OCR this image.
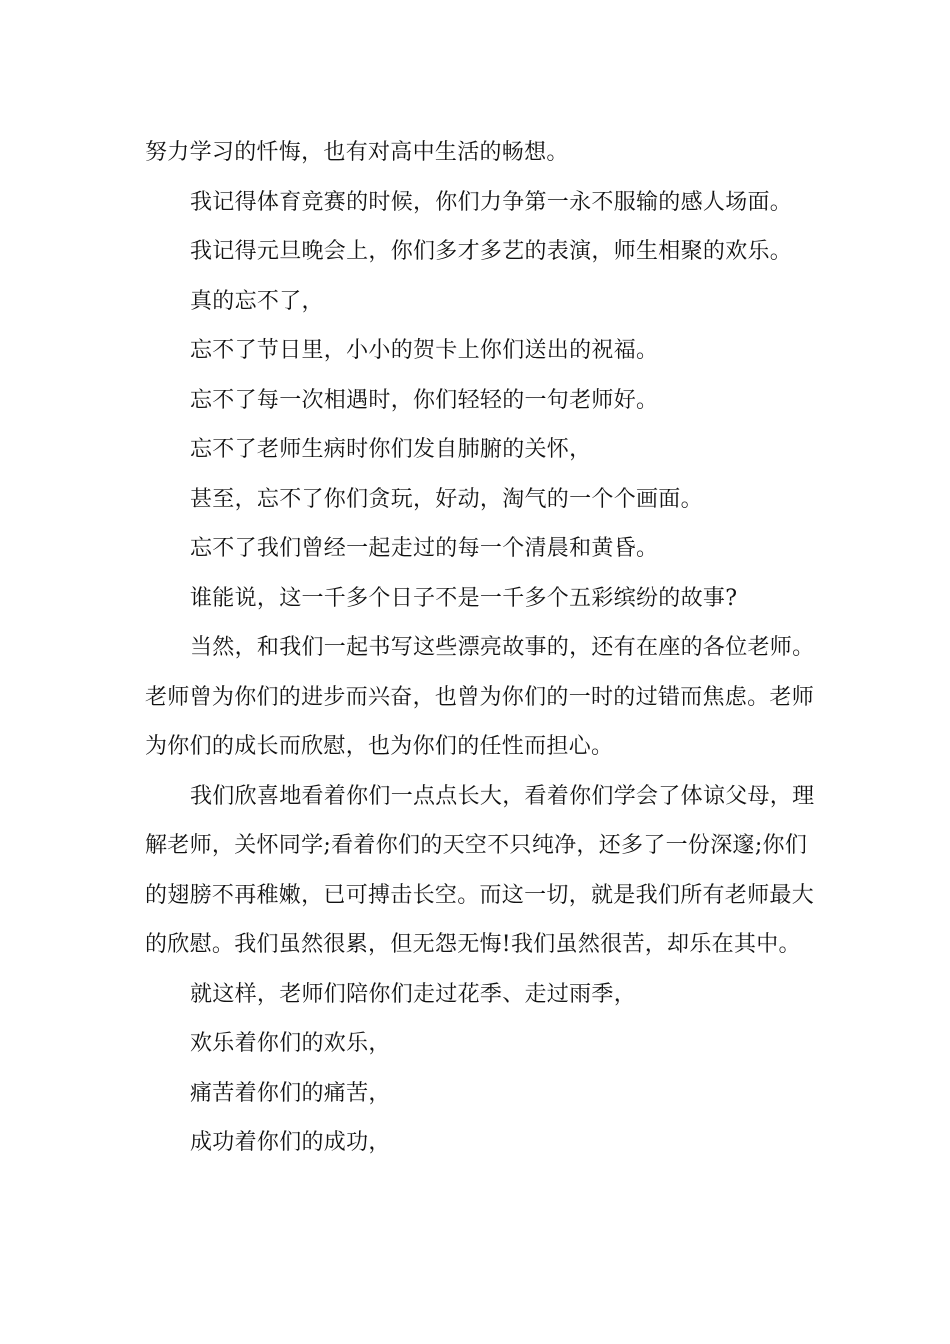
努力学习的忏悔，也有对高中生活的畅想。

我记得体育竞赛的时候，你们力争第一永不服输的感人场面。

我记得元旦晚会上，你们多才多艺的表演，师生相聚的欢乐。

真的忘不了，

忘不了节日里，小小的贺卡上你们送出的祝福。

忘不了每一次相遇时，你们轻轻的一句老师好。

忘不了老师生病时你们发自肺腑的关怀，

甚至，忘不了你们贪玩，好动，淘气的一个个画面。

忘不了我们曾经一起走过的每一个清晨和黄昏。

谁能说，这一千多个日子不是一千多个五彩缤纷的故事?

当然，和我们一起书写这些漂亮故事的，还有在座的各位老师。老师曾为你们的进步而兴奋，也曾为你们的一时的过错而焦虑。老师为你们的成长而欣慰，也为你们的任性而担心。

我们欣喜地看着你们一点点长大，看着你们学会了体谅父母，理解老师，关怀同学;看着你们的天空不只纯净，还多了一份深邃;你们的翅膀不再稚嫩，已可搏击长空。而这一切，就是我们所有老师最大的欣慰。我们虽然很累，但无怨无悔!我们虽然很苦，却乐在其中。

就这样，老师们陪你们走过花季、走过雨季，

欢乐着你们的欢乐，

痛苦着你们的痛苦，

成功着你们的成功，
